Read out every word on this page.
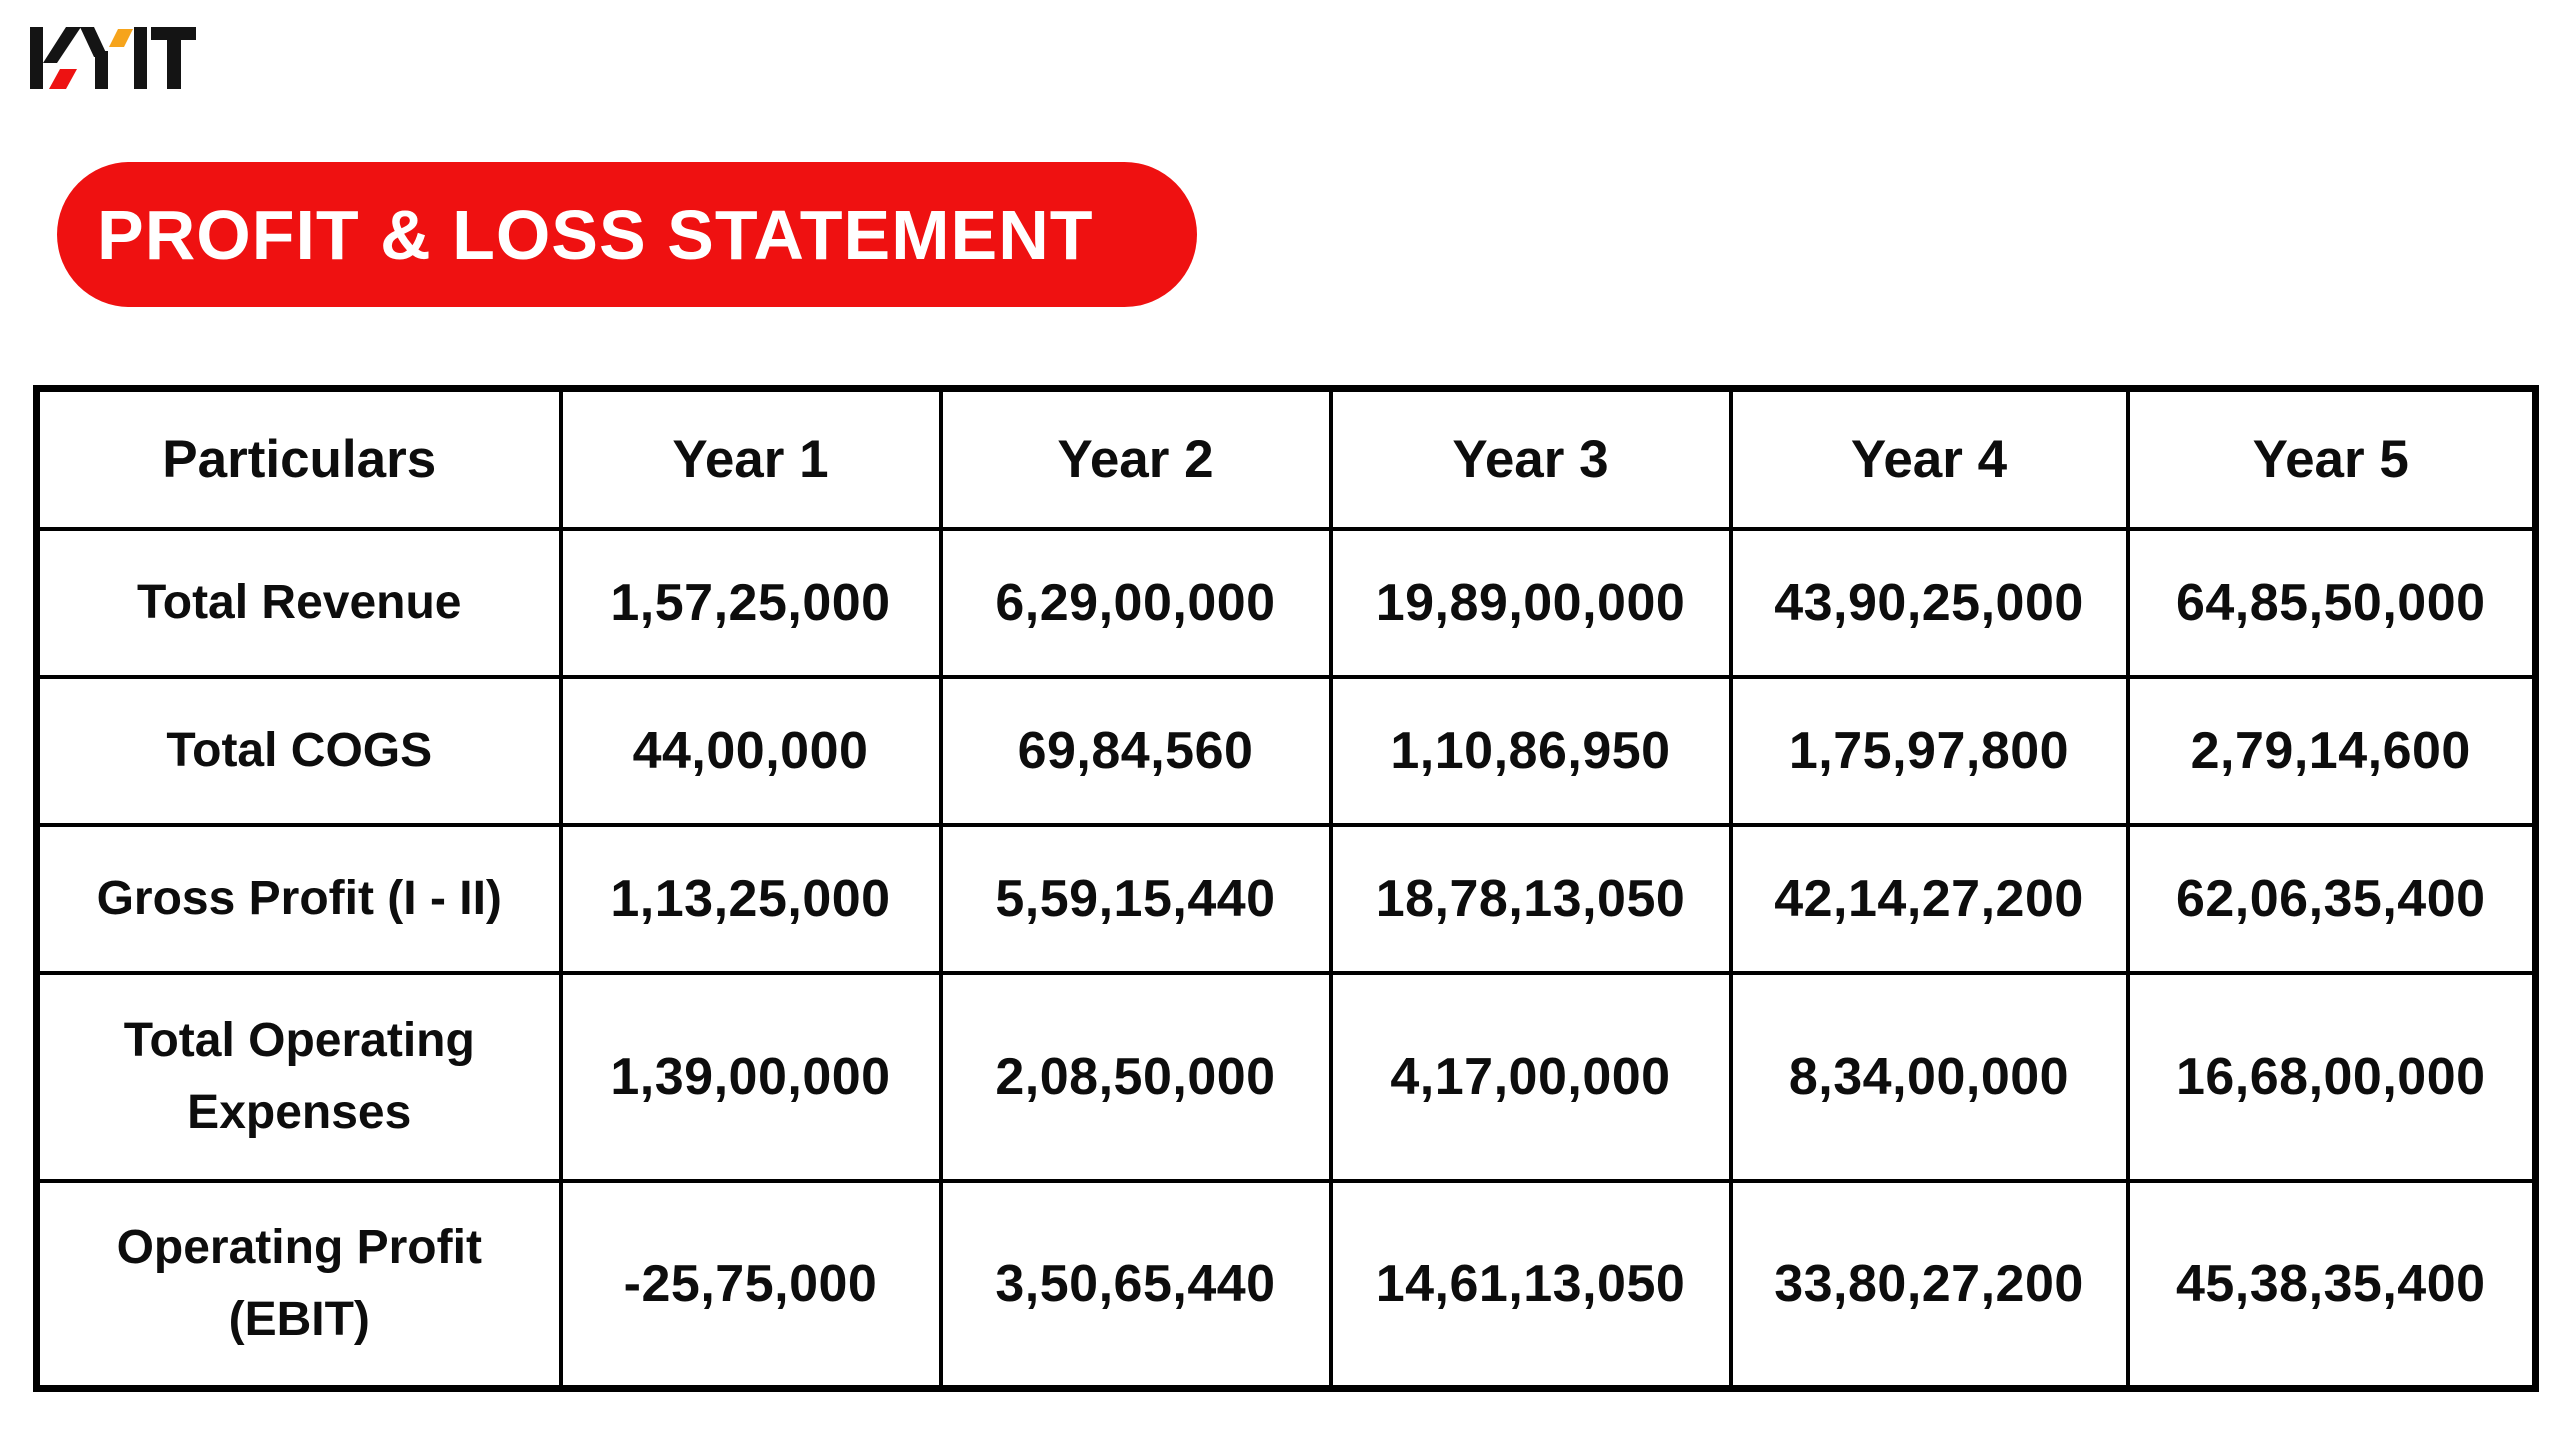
PROFIT & LOSS STATEMENT
Particulars	Year 1	Year 2	Year 3	Year 4	Year 5
Total Revenue	1,57,25,000	6,29,00,000	19,89,00,000	43,90,25,000	64,85,50,000
Total COGS	44,00,000	69,84,560	1,10,86,950	1,75,97,800	2,79,14,600
Gross Profit (I - II)	1,13,25,000	5,59,15,440	18,78,13,050	42,14,27,200	62,06,35,400
Total Operating Expenses	1,39,00,000	2,08,50,000	4,17,00,000	8,34,00,000	16,68,00,000
Operating Profit (EBIT)	-25,75,000	3,50,65,440	14,61,13,050	33,80,27,200	45,38,35,400
